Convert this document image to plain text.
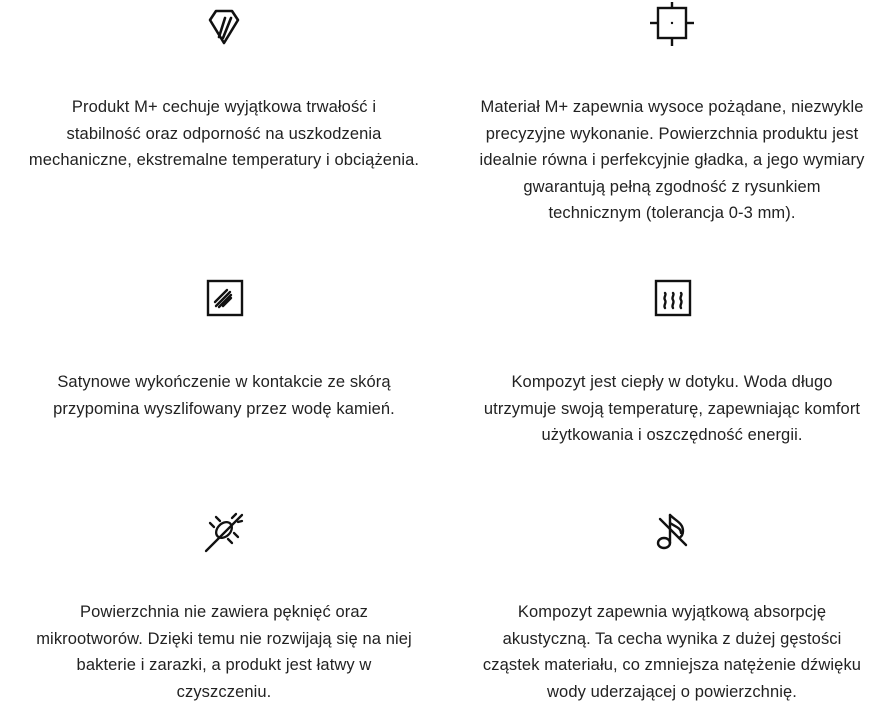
Produkt M+ cechuje wyjątkowa trwałość i
stabilność oraz odporność na uszkodzenia
mechaniczne, ekstremalne temperatury i obciążenia.

Materiał M+ zapewnia wysoce pożądane, niezwykle
precyzyjne wykonanie. Powierzchnia produktu jest
idealnie równa i perfekcyjnie gładka, a jego wymiary
gwarantują pełną zgodność z rysunkiem
technicznym (tolerancja 0-3 mm).

Satynowe wykończenie w kontakcie ze skórą
przypomina wyszlifowany przez wodę kamień.

Kompozyt jest ciepły w dotyku. Woda długo
utrzymuje swoją temperaturę, zapewniając komfort
użytkowania i oszczędność energii.

Powierzchnia nie zawiera pęknięć oraz
mikrootworów. Dzięki temu nie rozwijają się na niej
bakterie i zarazki, a produkt jest łatwy w
czyszczeniu.

Kompozyt zapewnia wyjątkową absorpcję
akustyczną. Ta cecha wynika z dużej gęstości
cząstek materiału, co zmniejsza natężenie dźwięku
wody uderzającej o powierzchnię.
